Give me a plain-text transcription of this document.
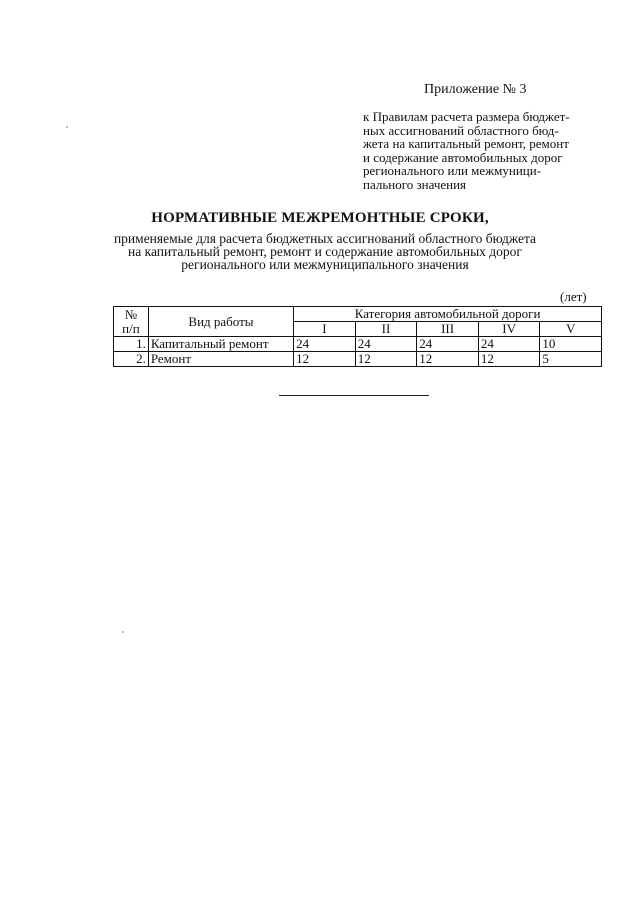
Приложение № 3
к Правилам расчета размера бюджет-
ных ассигнований областного бюд-
жета на капитальный ремонт, ремонт
и содержание автомобильных дорог
регионального или межмуници-
пального значения
НОРМАТИВНЫЕ МЕЖРЕМОНТНЫЕ СРОКИ,
применяемые для расчета бюджетных ассигнований областного бюджета
на капитальный ремонт, ремонт и содержание автомобильных дорог
регионального или межмуниципального значения
(лет)
№
п/п	Вид работы	Категория автомобильной дороги				
		I	II	III	IV	V
1.	Капитальный ремонт	24	24	24	24	10
2.	Ремонт	12	12	12	12	5
